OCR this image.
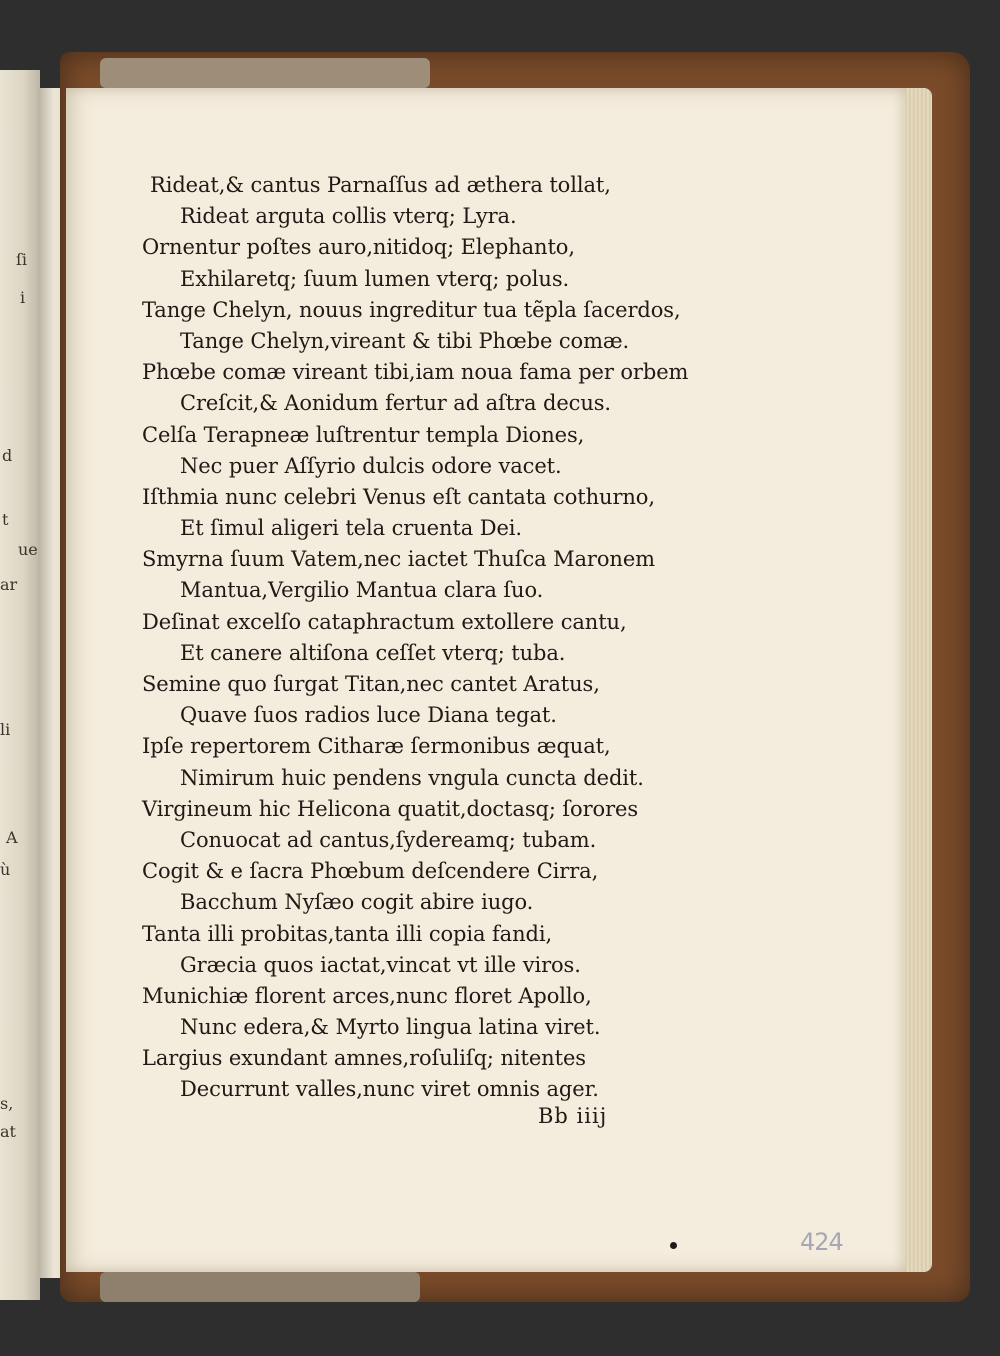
ſi
i
d
t
ue
ar
li
A
ù
s,
at
Rideat,& cantus Parnaſſus ad æthera tollat,
Rideat arguta collis vterq; Lyra.
Ornentur poſtes auro,nitidoq; Elephanto,
Exhilaretq; ſuum lumen vterq; polus.
Tange Chelyn, nouus ingreditur tua tẽpla ſacerdos,
Tange Chelyn,vireant & tibi Phœbe comæ.
Phœbe comæ vireant tibi,iam noua fama per orbem
Creſcit,& Aonidum fertur ad aſtra decus.
Celſa Terapneæ luſtrentur templa Diones,
Nec puer Aſſyrio dulcis odore vacet.
Iſthmia nunc celebri Venus eſt cantata cothurno,
Et ſimul aligeri tela cruenta Dei.
Smyrna ſuum Vatem,nec iactet Thuſca Maronem
Mantua,Vergilio Mantua clara ſuo.
Deſinat excelſo cataphractum extollere cantu,
Et canere altiſona ceſſet vterq; tuba.
Semine quo ſurgat Titan,nec cantet Aratus,
Quave ſuos radios luce Diana tegat.
Ipſe repertorem Citharæ ſermonibus æquat,
Nimirum huic pendens vngula cuncta dedit.
Virgineum hic Helicona quatit,doctasq; ſorores
Conuocat ad cantus,ſydereamq; tubam.
Cogit & e ſacra Phœbum deſcendere Cirra,
Bacchum Nyſæo cogit abire iugo.
Tanta illi probitas,tanta illi copia fandi,
Græcia quos iactat,vincat vt ille viros.
Munichiæ florent arces,nunc floret Apollo,
Nunc edera,& Myrto lingua latina viret.
Largius exundant amnes,roſuliſq; nitentes
Decurrunt valles,nunc viret omnis ager.
Bb iiij
424
